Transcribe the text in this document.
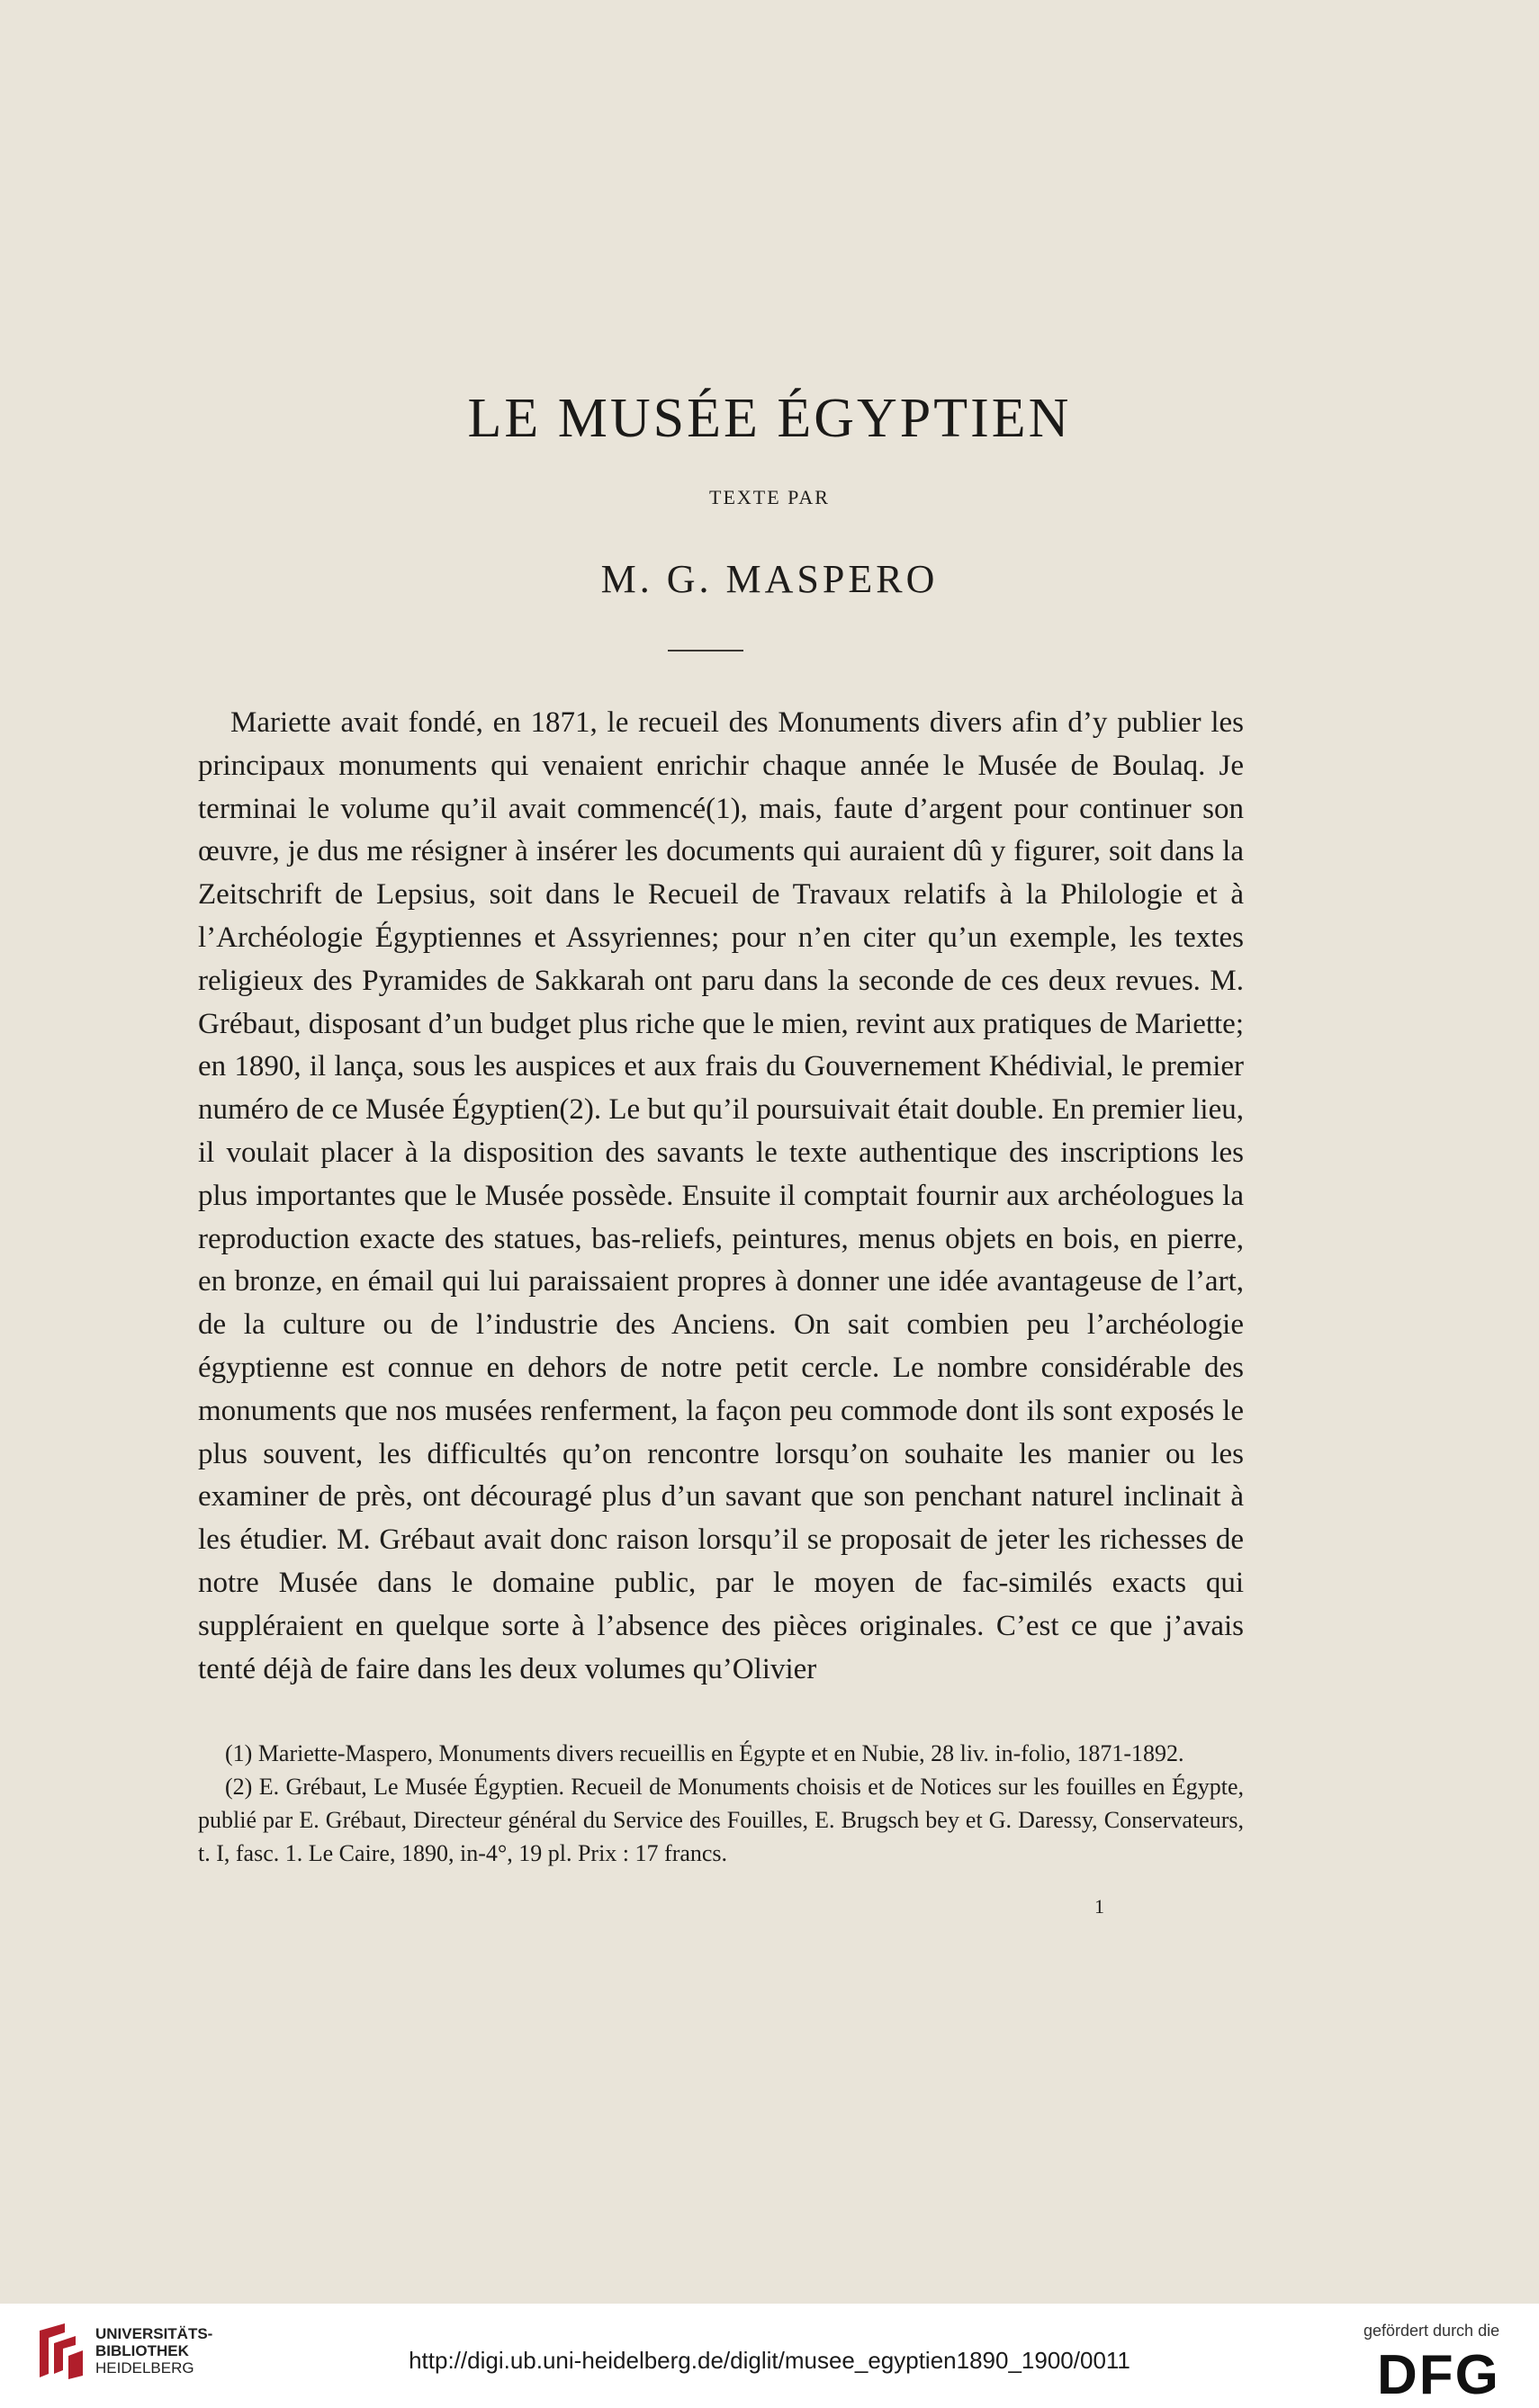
LE MUSÉE ÉGYPTIEN
TEXTE PAR
M. G. MASPERO

Mariette avait fondé, en 1871, le recueil des Monuments divers afin d’y publier les principaux monuments qui venaient enrichir chaque année le Musée de Boulaq. Je terminai le volume qu’il avait commencé(1), mais, faute d’argent pour continuer son œuvre, je dus me résigner à insérer les documents qui auraient dû y figurer, soit dans la Zeitschrift de Lepsius, soit dans le Recueil de Travaux relatifs à la Philologie et à l’Archéologie Égyptiennes et Assyriennes; pour n’en citer qu’un exemple, les textes religieux des Pyramides de Sakkarah ont paru dans la seconde de ces deux revues. M. Grébaut, disposant d’un budget plus riche que le mien, revint aux pratiques de Mariette; en 1890, il lança, sous les auspices et aux frais du Gouvernement Khédivial, le premier numéro de ce Musée Égyptien(2). Le but qu’il poursuivait était double. En premier lieu, il voulait placer à la disposition des savants le texte authentique des inscriptions les plus importantes que le Musée possède. Ensuite il comptait fournir aux archéologues la reproduction exacte des statues, bas-reliefs, peintures, menus objets en bois, en pierre, en bronze, en émail qui lui paraissaient propres à donner une idée avantageuse de l’art, de la culture ou de l’industrie des Anciens. On sait combien peu l’archéologie égyptienne est connue en dehors de notre petit cercle. Le nombre considérable des monuments que nos musées renferment, la façon peu commode dont ils sont exposés le plus souvent, les difficultés qu’on rencontre lorsqu’on souhaite les manier ou les examiner de près, ont découragé plus d’un savant que son penchant naturel inclinait à les étudier. M. Grébaut avait donc raison lorsqu’il se proposait de jeter les richesses de notre Musée dans le domaine public, par le moyen de fac-similés exacts qui suppléraient en quelque sorte à l’absence des pièces originales. C’est ce que j’avais tenté déjà de faire dans les deux volumes qu’Olivier

(1) Mariette-Maspero, Monuments divers recueillis en Égypte et en Nubie, 28 liv. in-folio, 1871-1892.

(2) E. Grébaut, Le Musée Égyptien. Recueil de Monuments choisis et de Notices sur les fouilles en Égypte, publié par E. Grébaut, Directeur général du Service des Fouilles, E. Brugsch bey et G. Daressy, Conservateurs, t. I, fasc. 1. Le Caire, 1890, in-4°, 19 pl. Prix : 17 francs.

1
UNIVERSITÄTS-
BIBLIOTHEK
HEIDELBERG	http://digi.ub.uni-heidelberg.de/diglit/musee_egyptien1890_1900/0011
gefördert durch die
DFG
